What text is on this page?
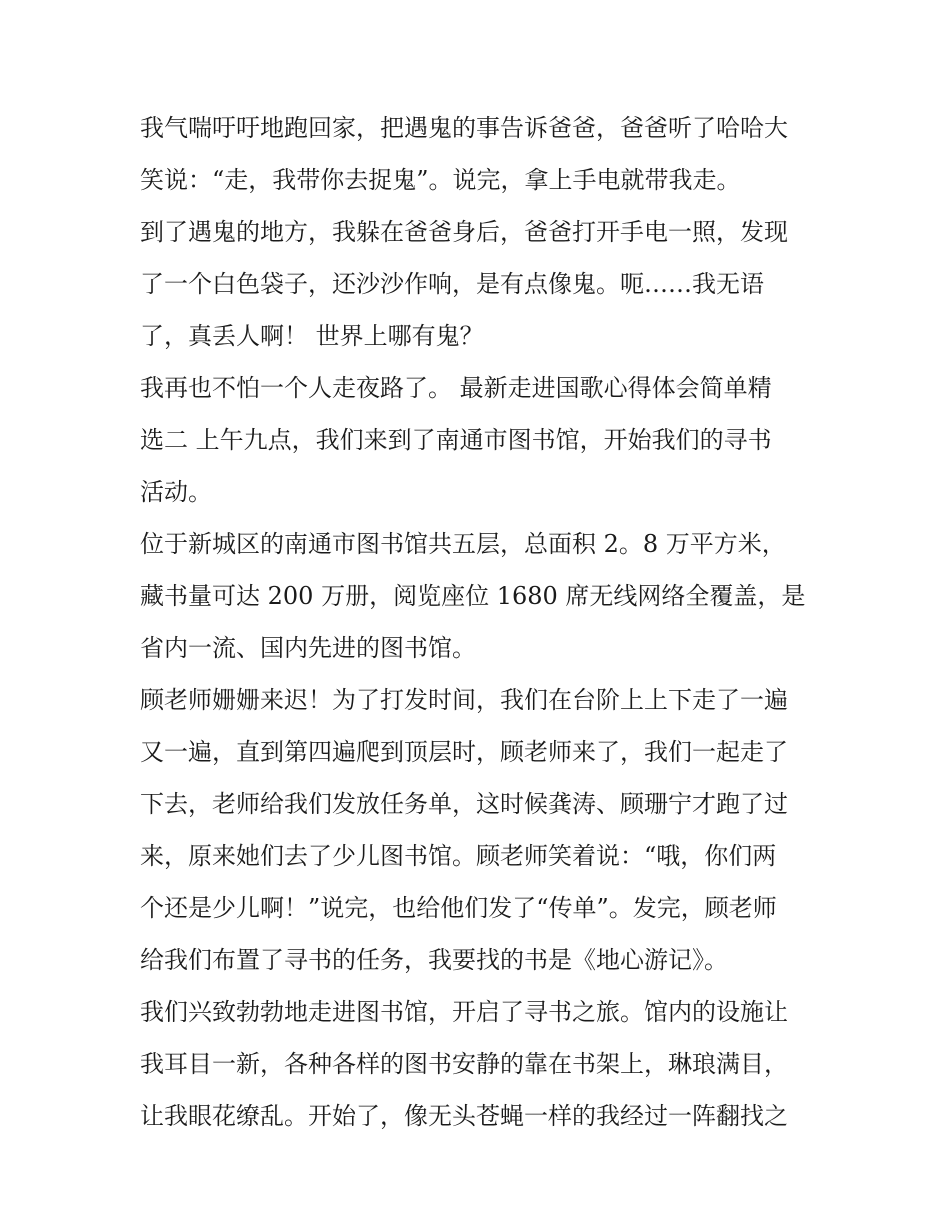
我气喘吁吁地跑回家，把遇鬼的事告诉爸爸，爸爸听了哈哈大
笑说：“走，我带你去捉鬼”。说完，拿上手电就带我走。
到了遇鬼的地方，我躲在爸爸身后，爸爸打开手电一照，发现
了一个白色袋子，还沙沙作响，是有点像鬼。呃……我无语
了，真丢人啊！ 世界上哪有鬼？
我再也不怕一个人走夜路了。 最新走进国歌心得体会简单精
选二 上午九点，我们来到了南通市图书馆，开始我们的寻书
活动。
位于新城区的南通市图书馆共五层，总面积 2。8 万平方米，
藏书量可达 200 万册，阅览座位 1680 席无线网络全覆盖，是
省内一流、国内先进的图书馆。
顾老师姗姗来迟！为了打发时间，我们在台阶上上下走了一遍
又一遍，直到第四遍爬到顶层时，顾老师来了，我们一起走了
下去，老师给我们发放任务单，这时候龚涛、顾珊宁才跑了过
来，原来她们去了少儿图书馆。顾老师笑着说：“哦，你们两
个还是少儿啊！”说完，也给他们发了“传单”。发完，顾老师
给我们布置了寻书的任务，我要找的书是《地心游记》。
我们兴致勃勃地走进图书馆，开启了寻书之旅。馆内的设施让
我耳目一新，各种各样的图书安静的靠在书架上，琳琅满目，
让我眼花缭乱。开始了，像无头苍蝇一样的我经过一阵翻找之
